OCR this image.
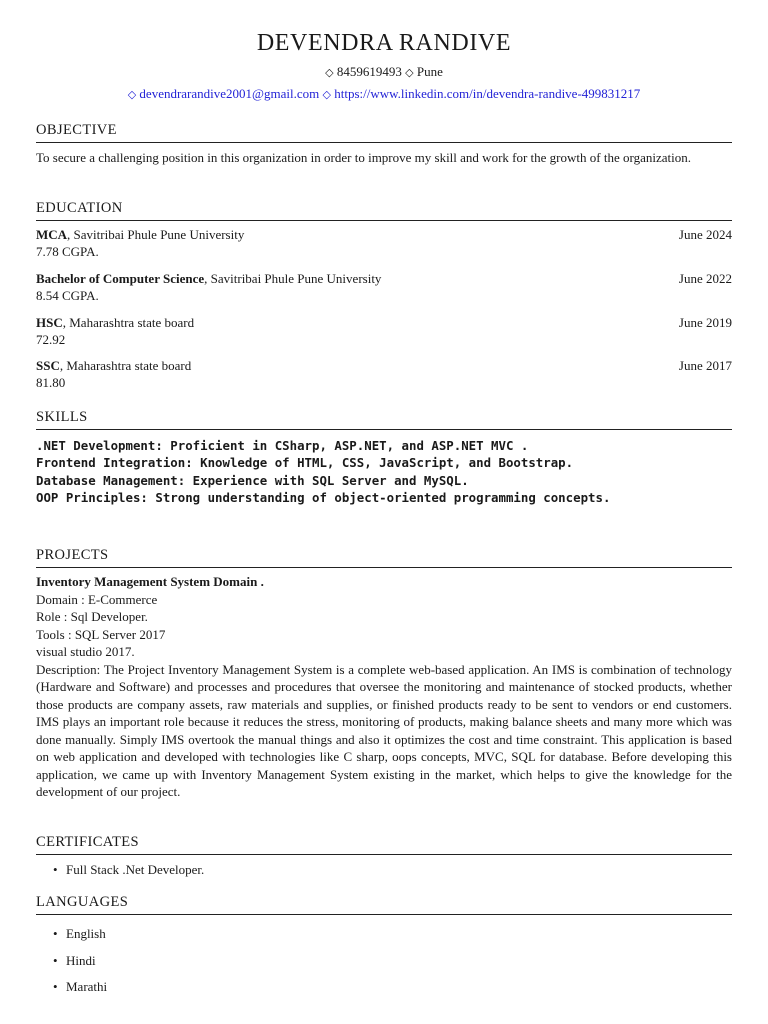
DEVENDRA RANDIVE
◇ 8459619493 ◇ Pune
◇ devendrarandive2001@gmail.com ◇ https://www.linkedin.com/in/devendra-randive-499831217
OBJECTIVE
To secure a challenging position in this organization in order to improve my skill and work for the growth of the organization.
EDUCATION
MCA, Savitribai Phule Pune University	June 2024
7.78 CGPA.
Bachelor of Computer Science, Savitribai Phule Pune University	June 2022
8.54 CGPA.
HSC, Maharashtra state board	June 2019
72.92
SSC, Maharashtra state board	June 2017
81.80
SKILLS
.NET Development: Proficient in CSharp, ASP.NET, and ASP.NET MVC .
Frontend Integration: Knowledge of HTML, CSS, JavaScript, and Bootstrap.
Database Management: Experience with SQL Server and MySQL.
OOP Principles: Strong understanding of object-oriented programming concepts.
PROJECTS
Inventory Management System Domain .
Domain : E-Commerce
Role : Sql Developer.
Tools : SQL Server 2017
visual studio 2017.
Description: The Project Inventory Management System is a complete web-based application. An IMS is combination of technology (Hardware and Software) and processes and procedures that oversee the monitoring and maintenance of stocked products, whether those products are company assets, raw materials and supplies, or finished products ready to be sent to vendors or end customers. IMS plays an important role because it reduces the stress, monitoring of products, making balance sheets and many more which was done manually. Simply IMS overtook the manual things and also it optimizes the cost and time constraint. This application is based on web application and developed with technologies like C sharp, oops concepts, MVC, SQL for database. Before developing this application, we came up with Inventory Management System existing in the market, which helps to give the knowledge for the development of our project.
CERTIFICATES
• Full Stack .Net Developer.
LANGUAGES
• English
• Hindi
• Marathi
